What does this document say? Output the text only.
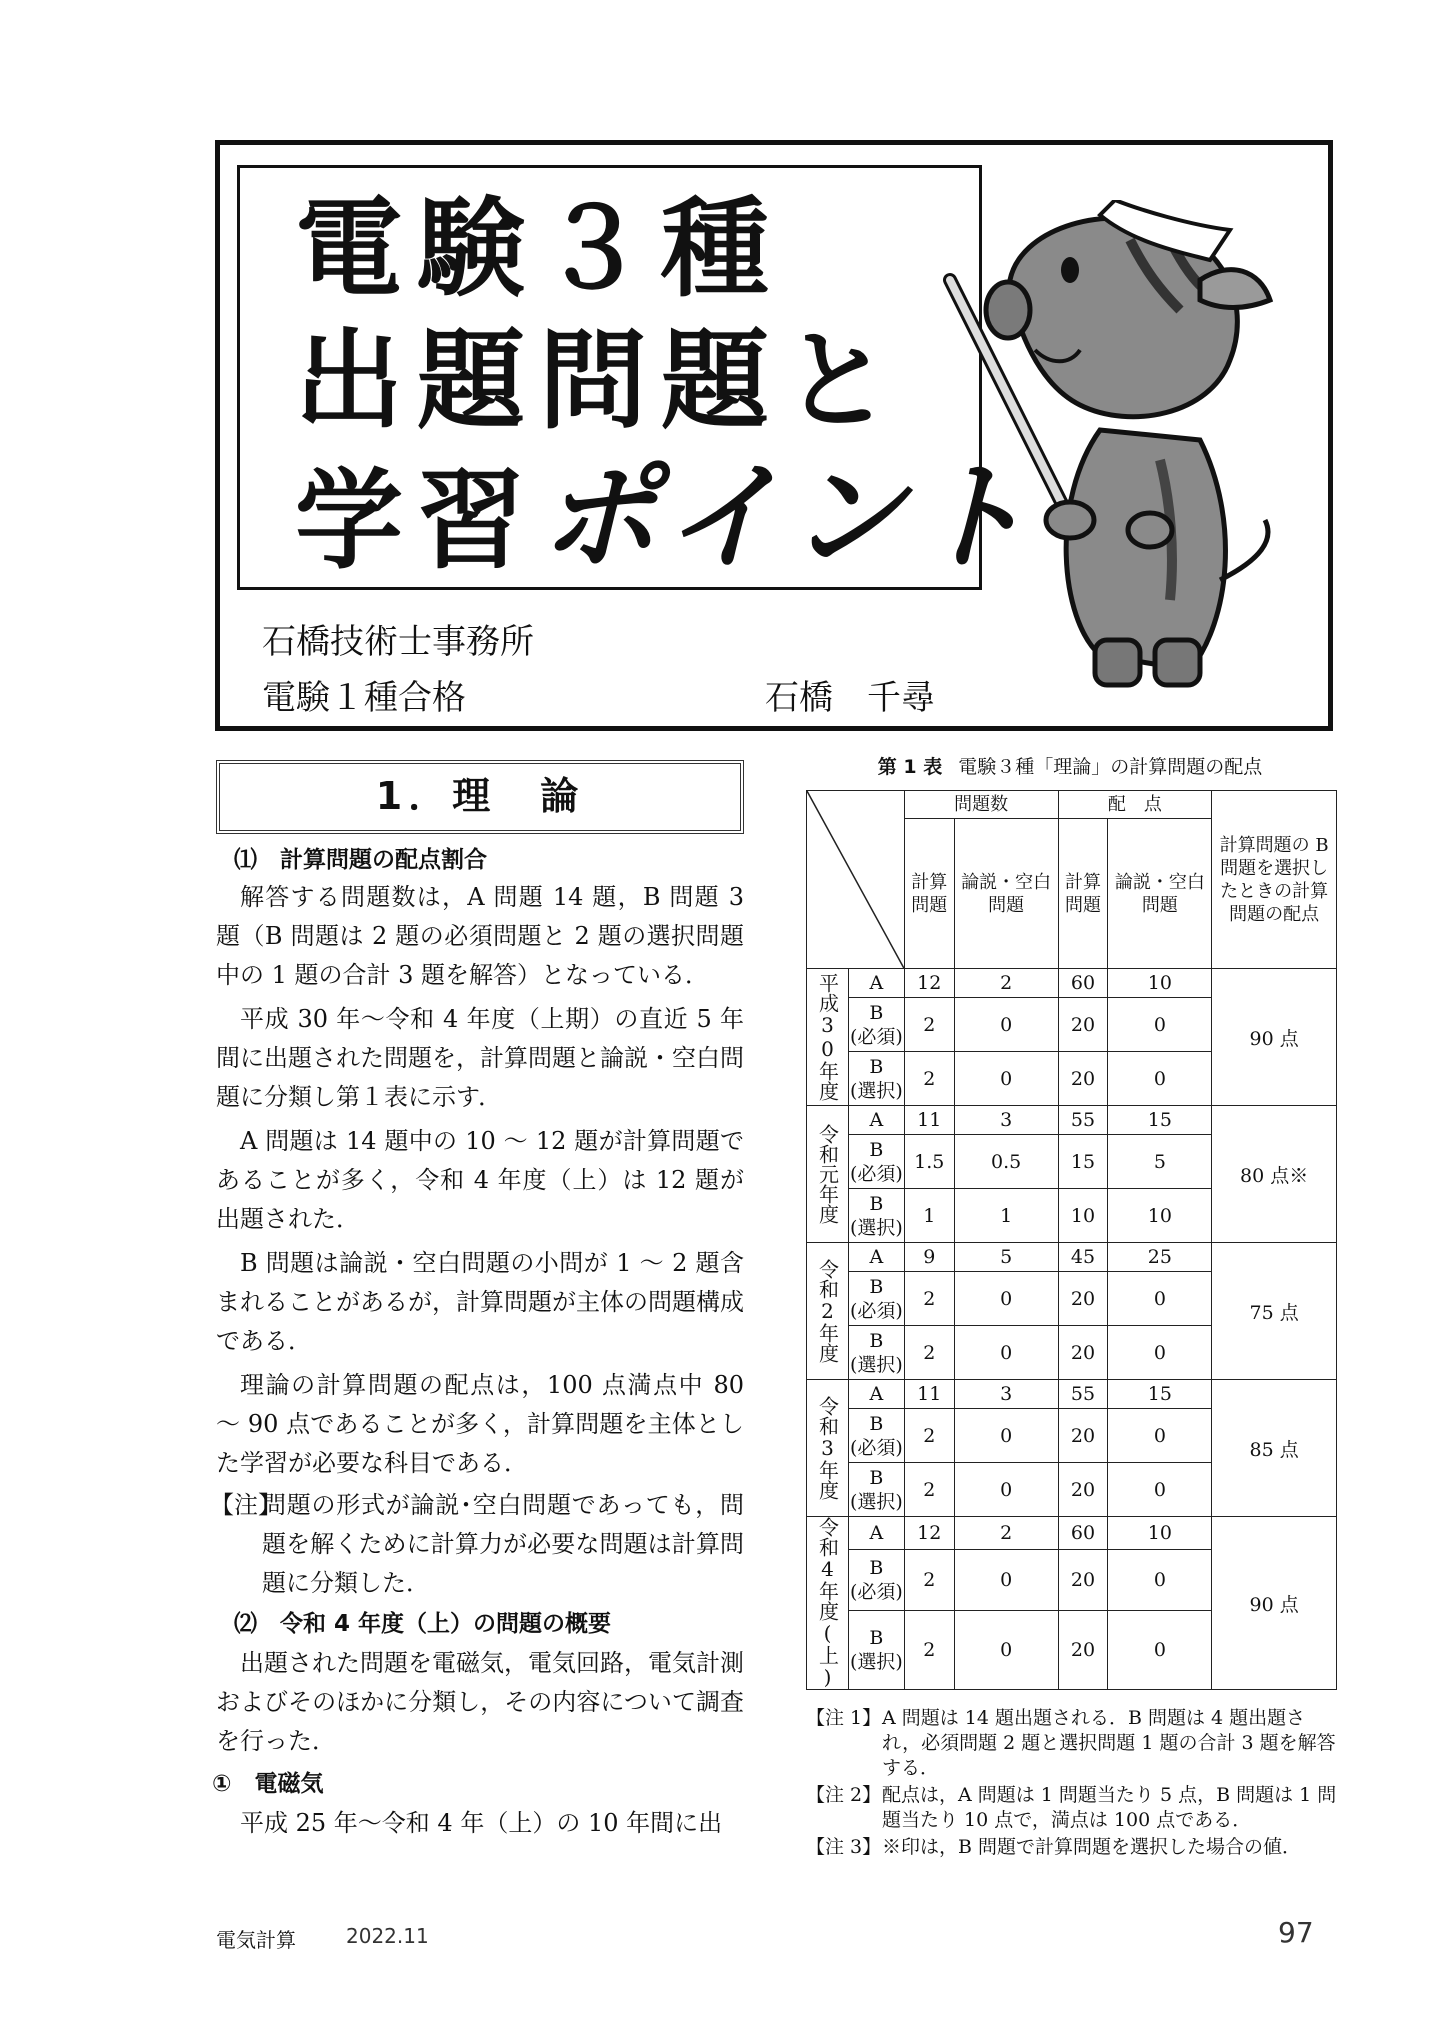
電験３種
出題問題と
学習ポイント
石橋技術士事務所
電験１種合格	石橋　千尋
1．理　論
⑴　計算問題の配点割合
解答する問題数は，A 問題 14 題，B 問題 3 題（B 問題は 2 題の必須問題と 2 題の選択問題中の 1 題の合計 3 題を解答）となっている．
平成 30 年～令和 4 年度（上期）の直近 5 年間に出題された問題を，計算問題と論説・空白問題に分類し第１表に示す．
A 問題は 14 題中の 10 ～ 12 題が計算問題であることが多く，令和 4 年度（上）は 12 題が出題された．
B 問題は論説・空白問題の小問が 1 ～ 2 題含まれることがあるが，計算問題が主体の問題構成である．
理論の計算問題の配点は，100 点満点中 80 ～ 90 点であることが多く，計算問題を主体とした学習が必要な科目である．
【注】
問題の形式が論説･空白問題であっても，問題を解くために計算力が必要な問題は計算問題に分類した．
⑵　令和 4 年度（上）の問題の概要
出題された問題を電磁気，電気回路，電気計測およびそのほかに分類し，その内容について調査を行った．
①　電磁気
平成 25 年～令和 4 年（上）の 10 年間に出
第 1 表 電験３種「理論」の計算問題の配点
	問題数		配　点		計算問題の B 問題を選択したときの計算問題の配点
		計算問題	論説・空白問題	計算問題	論説・空白問題	
平成30年度	A	12	2	60	10	90 点
	B
(必須)	2	0	20	0	
	B
(選択)	2	0	20	0	
令和元年度	A	11	3	55	15	80 点※
	B
(必須)	1.5	0.5	15	5	
	B
(選択)	1	1	10	10	
令和2年度	A	9	5	45	25	75 点
	B
(必須)	2	0	20	0	
	B
(選択)	2	0	20	0	
令和3年度	A	11	3	55	15	85 点
	B
(必須)	2	0	20	0	
	B
(選択)	2	0	20	0	
令和4年度(上)	A	12	2	60	10	90 点
	B
(必須)	2	0	20	0	
	B
(選択)	2	0	20	0	
【注 1】 A 問題は 14 題出題される．B 問題は 4 題出題され，必須問題 2 題と選択問題 1 題の合計 3 題を解答する．
【注 2】 配点は，A 問題は 1 問題当たり 5 点，B 問題は 1 問題当たり 10 点で，満点は 100 点である．
【注 3】 ※印は，B 問題で計算問題を選択した場合の値．
電気計算	2022.11	97
